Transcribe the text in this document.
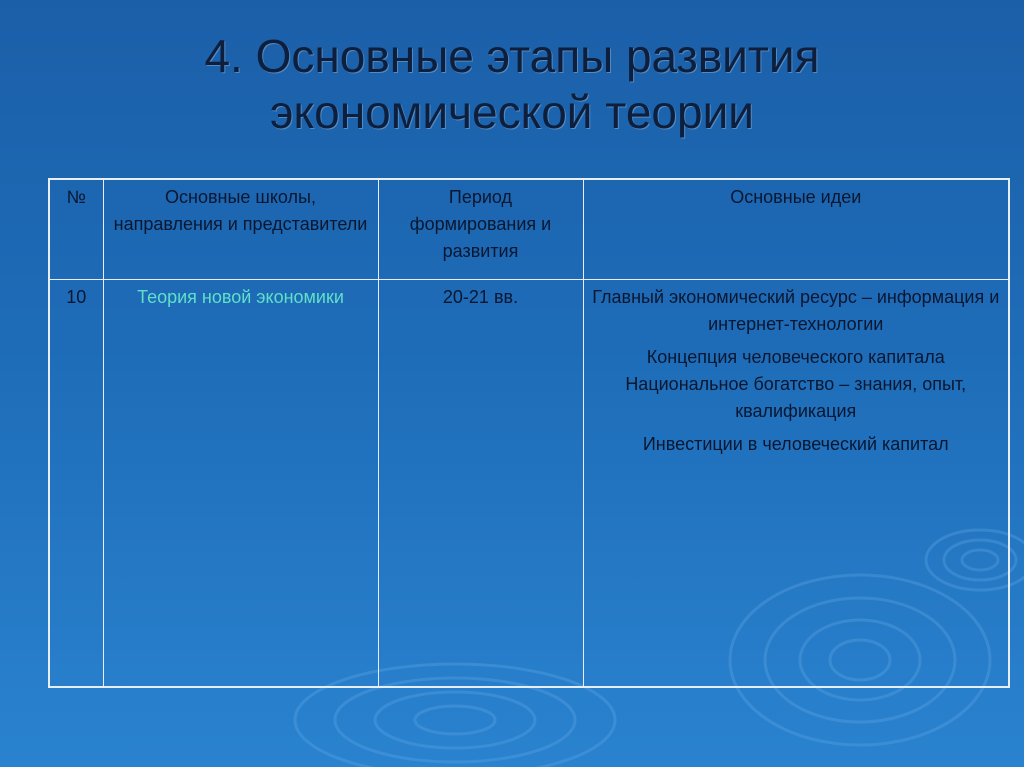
4. Основные этапы развития
экономической теории
№	Основные школы, направления и представители	Период формирования и развития	Основные идеи
10	Теория новой экономики	20-21 вв.	Главный экономический ресурс – информация и интернет-технологии
Концепция человеческого капитала
Национальное богатство – знания, опыт, квалификация
Инвестиции в человеческий капитал
